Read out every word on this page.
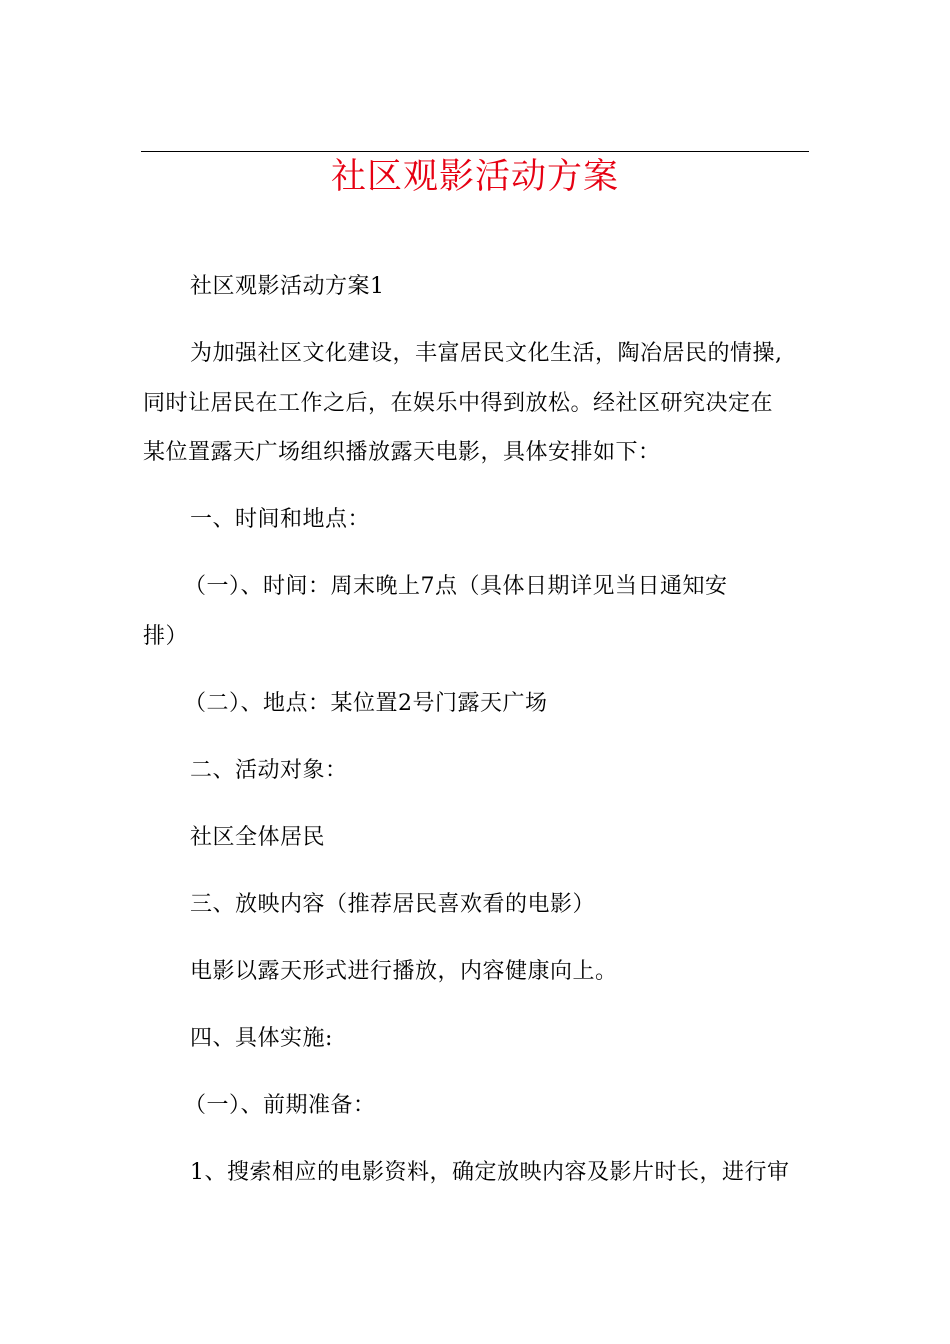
社区观影活动方案
社区观影活动方案1
为加强社区文化建设，丰富居民文化生活，陶冶居民的情操,
同时让居民在工作之后，在娱乐中得到放松。经社区研究决定在
某位置露天广场组织播放露天电影，具体安排如下：
一、时间和地点：
（一）、时间：周末晚上7点（具体日期详见当日通知安
排）
（二）、地点：某位置2号门露天广场
二、活动对象：
社区全体居民
三、放映内容（推荐居民喜欢看的电影）
电影以露天形式进行播放，内容健康向上。
四、具体实施:
（一）、前期准备：
1、搜索相应的电影资料，确定放映内容及影片时长，进行审
